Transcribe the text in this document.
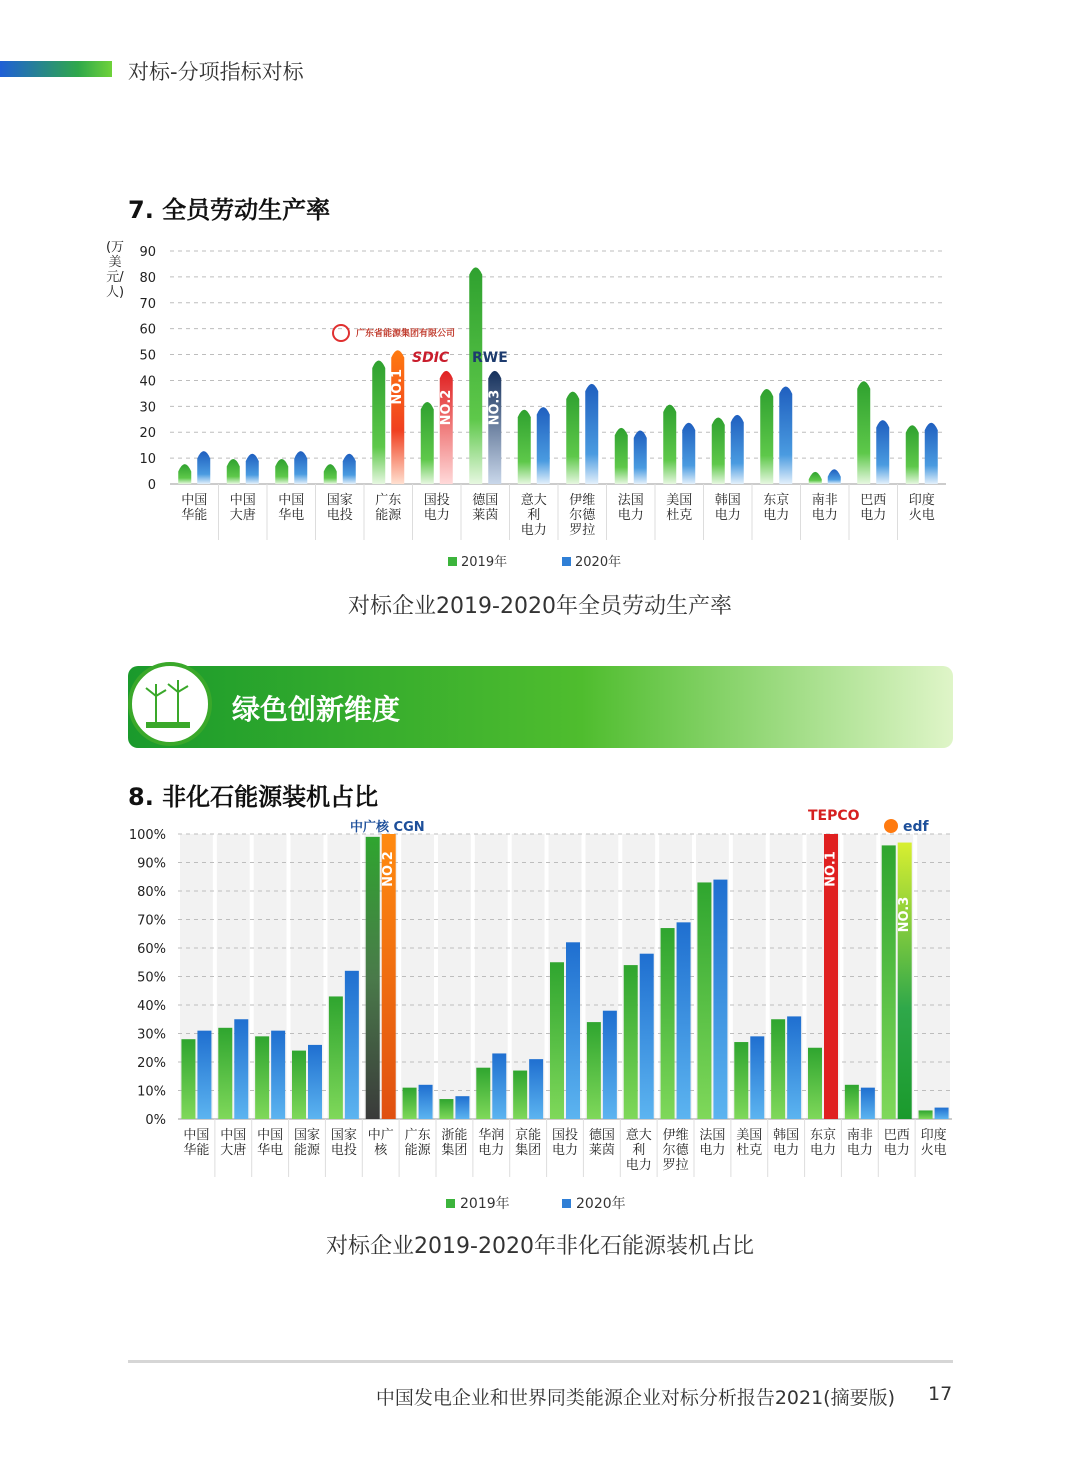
对标-分项指标对标
7. 全员劳动生产率
(万美元/人)
0
10
20
30
40
50
60
70
80
90
中国
华能
中国
大唐
中国
华电
国家
电投
广东
能源
国投
电力
德国
莱茵
意大
利
电力
伊维
尔德
罗拉
法国
电力
美国
杜克
韩国
电力
东京
电力
南非
电力
巴西
电力
印度
火电
NO.1
NO.2	NO.3
广东省能源集团有限公司
SDIC RWE
2019年	2020年
对标企业2019-2020年全员劳动生产率
绿色创新维度
8. 非化石能源装机占比
0%
10%
20%
30%
40%
50%
60%
70%
80%
90%
100%
中国
华能
中国
大唐
中国
华电
国家
能源
国家
电投
中广
核
广东
能源
浙能
集团
华润
电力
京能
集团
国投
电力
德国
莱茵
意大
利
电力
伊维
尔德
罗拉
法国
电力
美国
杜克
韩国
电力
东京
电力
南非
电力
巴西
电力
印度
火电
NO.1
NO.2
NO.3
中广核 CGN
TEPCO
edf
2019年	2020年
对标企业2019-2020年非化石能源装机占比
中国发电企业和世界同类能源企业对标分析报告2021(摘要版) 17
